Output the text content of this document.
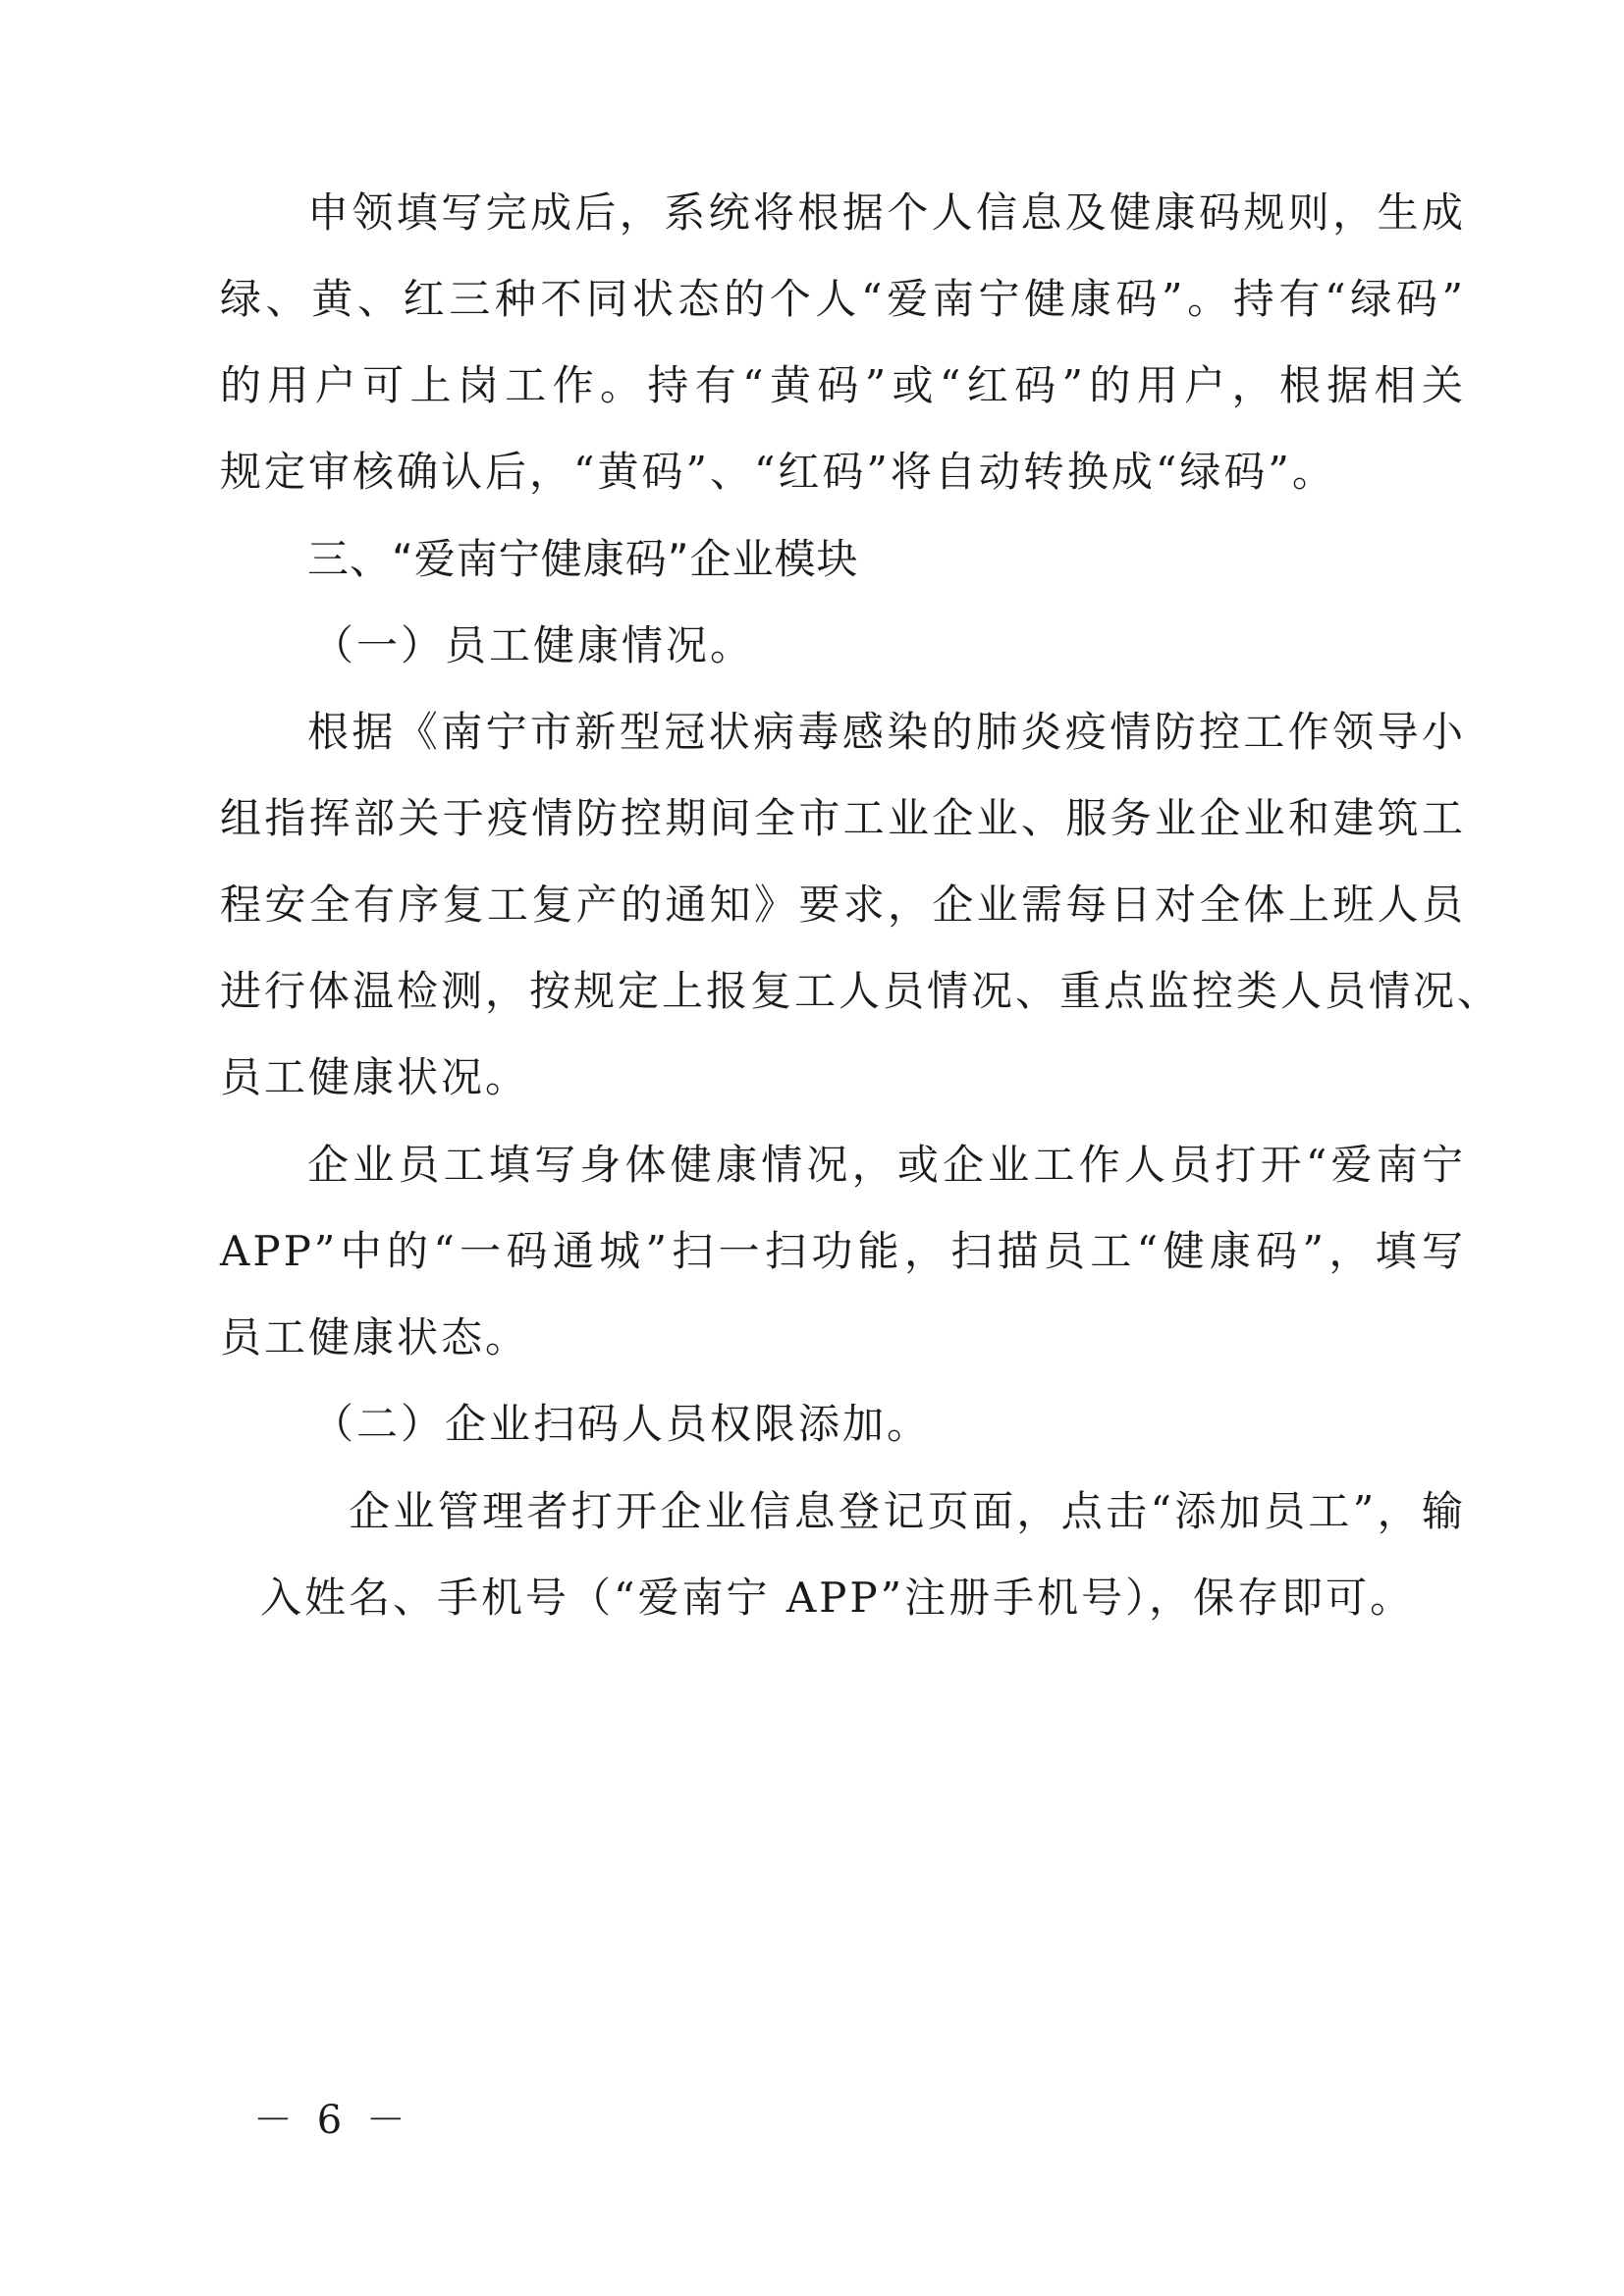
申领填写完成后，系统将根据个人信息及健康码规则，生成
绿、黄、红三种不同状态的个人“爱南宁健康码”。持有“绿码”
的用户可上岗工作。持有“黄码”或“红码”的用户，根据相关
规定审核确认后，“黄码”、“红码”将自动转换成“绿码”。
三、“爱南宁健康码”企业模块
（一）员工健康情况。
根据《南宁市新型冠状病毒感染的肺炎疫情防控工作领导小
组指挥部关于疫情防控期间全市工业企业、服务业企业和建筑工
程安全有序复工复产的通知》要求，企业需每日对全体上班人员
进行体温检测，按规定上报复工人员情况、重点监控类人员情况、
员工健康状况。
企业员工填写身体健康情况，或企业工作人员打开“爱南宁
APP”中的“一码通城”扫一扫功能，扫描员工“健康码”，填写
员工健康状态。
（二）企业扫码人员权限添加。
企业管理者打开企业信息登记页面，点击“添加员工”，输
入姓名、手机号（“爱南宁 APP”注册手机号），保存即可。
－ 6 －
